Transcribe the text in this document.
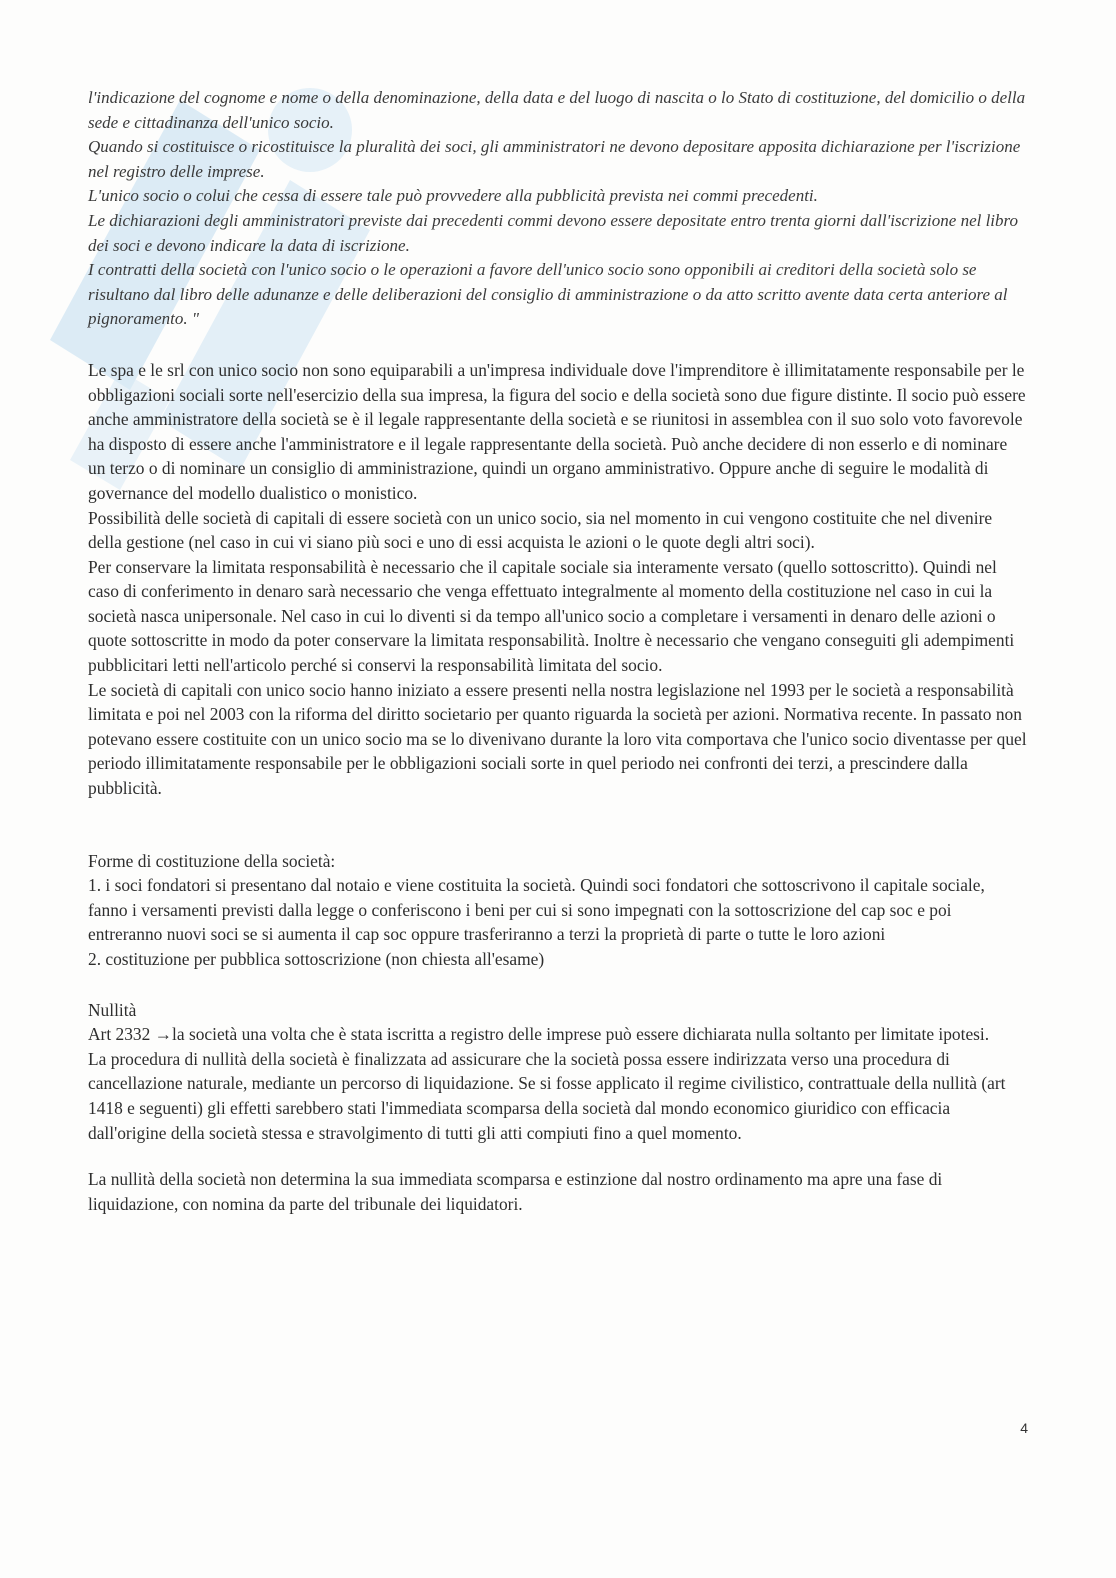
l'indicazione del cognome e nome o della denominazione, della data e del luogo di nascita o lo Stato di costituzione, del domicilio o della sede e cittadinanza dell'unico socio.

Quando si costituisce o ricostituisce la pluralità dei soci, gli amministratori ne devono depositare apposita dichiarazione per l'iscrizione nel registro delle imprese.

L'unico socio o colui che cessa di essere tale può provvedere alla pubblicità prevista nei commi precedenti.

Le dichiarazioni degli amministratori previste dai precedenti commi devono essere depositate entro trenta giorni dall'iscrizione nel libro dei soci e devono indicare la data di iscrizione.

I contratti della società con l'unico socio o le operazioni a favore dell'unico socio sono opponibili ai creditori della società solo se risultano dal libro delle adunanze e delle deliberazioni del consiglio di amministrazione o da atto scritto avente data certa anteriore al pignoramento. "

Le spa e le srl con unico socio non sono equiparabili a un'impresa individuale dove l'imprenditore è illimitatamente responsabile per le obbligazioni sociali sorte nell'esercizio della sua impresa, la figura del socio e della società sono due figure distinte. Il socio può essere anche amministratore della società se è il legale rappresentante della società e se riunitosi in assemblea con il suo solo voto favorevole ha disposto di essere anche l'amministratore e il legale rappresentante della società. Può anche decidere di non esserlo e di nominare un terzo o di nominare un consiglio di amministrazione, quindi un organo amministrativo. Oppure anche di seguire le modalità di governance del modello dualistico o monistico.

Possibilità delle società di capitali di essere società con un unico socio, sia nel momento in cui vengono costituite che nel divenire della gestione (nel caso in cui vi siano più soci e uno di essi acquista le azioni o le quote degli altri soci).

Per conservare la limitata responsabilità è necessario che il capitale sociale sia interamente versato (quello sottoscritto). Quindi nel caso di conferimento in denaro sarà necessario che venga effettuato integralmente al momento della costituzione nel caso in cui la società nasca unipersonale. Nel caso in cui lo diventi si da tempo all'unico socio a completare i versamenti in denaro delle azioni o quote sottoscritte in modo da poter conservare la limitata responsabilità. Inoltre è necessario che vengano conseguiti gli adempimenti pubblicitari letti nell'articolo perché si conservi la responsabilità limitata del socio.

Le società di capitali con unico socio hanno iniziato a essere presenti nella nostra legislazione nel 1993 per le società a responsabilità limitata e poi nel 2003 con la riforma del diritto societario per quanto riguarda la società per azioni. Normativa recente. In passato non potevano essere costituite con un unico socio ma se lo divenivano durante la loro vita comportava che l'unico socio diventasse per quel periodo illimitatamente responsabile per le obbligazioni sociali sorte in quel periodo nei confronti dei terzi, a prescindere dalla pubblicità.

Forme di costituzione della società:

1. i soci fondatori si presentano dal notaio e viene costituita la società. Quindi soci fondatori che sottoscrivono il capitale sociale, fanno i versamenti previsti dalla legge o conferiscono i beni per cui si sono impegnati con la sottoscrizione del cap soc e poi entreranno nuovi soci se si aumenta il cap soc oppure trasferiranno a terzi la proprietà di parte o tutte le loro azioni

2. costituzione per pubblica sottoscrizione (non chiesta all'esame)

Nullità

Art 2332 →la società una volta che è stata iscritta a registro delle imprese può essere dichiarata nulla soltanto per limitate ipotesi.

La procedura di nullità della società è finalizzata ad assicurare che la società possa essere indirizzata verso una procedura di cancellazione naturale, mediante un percorso di liquidazione. Se si fosse applicato il regime civilistico, contrattuale della nullità (art 1418 e seguenti) gli effetti sarebbero stati l'immediata scomparsa della società dal mondo economico giuridico con efficacia dall'origine della società stessa e stravolgimento di tutti gli atti compiuti fino a quel momento.

La nullità della società non determina la sua immediata scomparsa e estinzione dal nostro ordinamento ma apre una fase di liquidazione, con nomina da parte del tribunale dei liquidatori.

4
